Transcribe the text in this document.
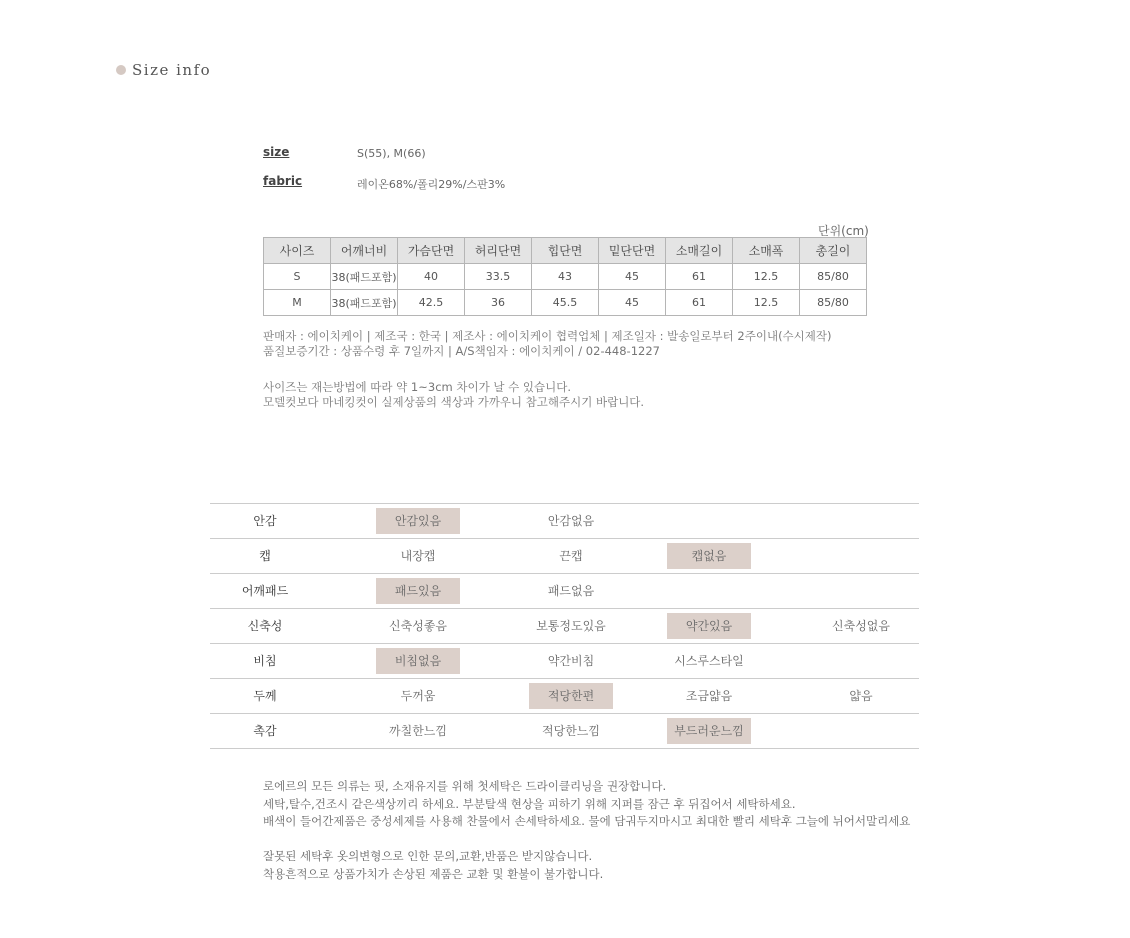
Size info
size	S(55), M(66)
fabric	레이온68%/폴리29%/스판3%
단위(cm)
사이즈	어깨너비	가슴단면	허리단면	힙단면	밑단단면	소매길이	소매폭	총길이
S	38(패드포함)	40	33.5	43	45	61	12.5	85/80
M	38(패드포함)	42.5	36	45.5	45	61	12.5	85/80
판매자 : 에이치케이 | 제조국 : 한국 | 제조사 : 에이치케이 협력업체 | 제조일자 : 발송일로부터 2주이내(수시제작)
품질보증기간 : 상품수령 후 7일까지 | A/S책임자 : 에이치케이 / 02-448-1227
사이즈는 재는방법에 따라 약 1~3cm 차이가 날 수 있습니다.
모델컷보다 마네킹컷이 실제상품의 색상과 가까우니 참고해주시기 바랍니다.
안감	안감있음	안감없음
캡	내장캡	끈캡	캡없음
어깨패드	패드있음	패드없음
신축성	신축성좋음	보통정도있음	약간있음	신축성없음
비침	비침없음	약간비침	시스루스타일
두께	두꺼움	적당한편	조금얇음	얇음
촉감	까칠한느낌	적당한느낌	부드러운느낌
로에르의 모든 의류는 핏, 소재유지를 위해 첫세탁은 드라이클리닝을 권장합니다.
세탁,탈수,건조시 같은색상끼리 하세요. 부분탈색 현상을 피하기 위해 지퍼를 잠근 후 뒤집어서 세탁하세요.
배색이 들어간제품은 중성세제를 사용해 찬물에서 손세탁하세요. 물에 담궈두지마시고 최대한 빨리 세탁후 그늘에 뉘어서말리세요
잘못된 세탁후 옷의변형으로 인한 문의,교환,반품은 받지않습니다.
착용흔적으로 상품가치가 손상된 제품은 교환 및 환불이 불가합니다.
